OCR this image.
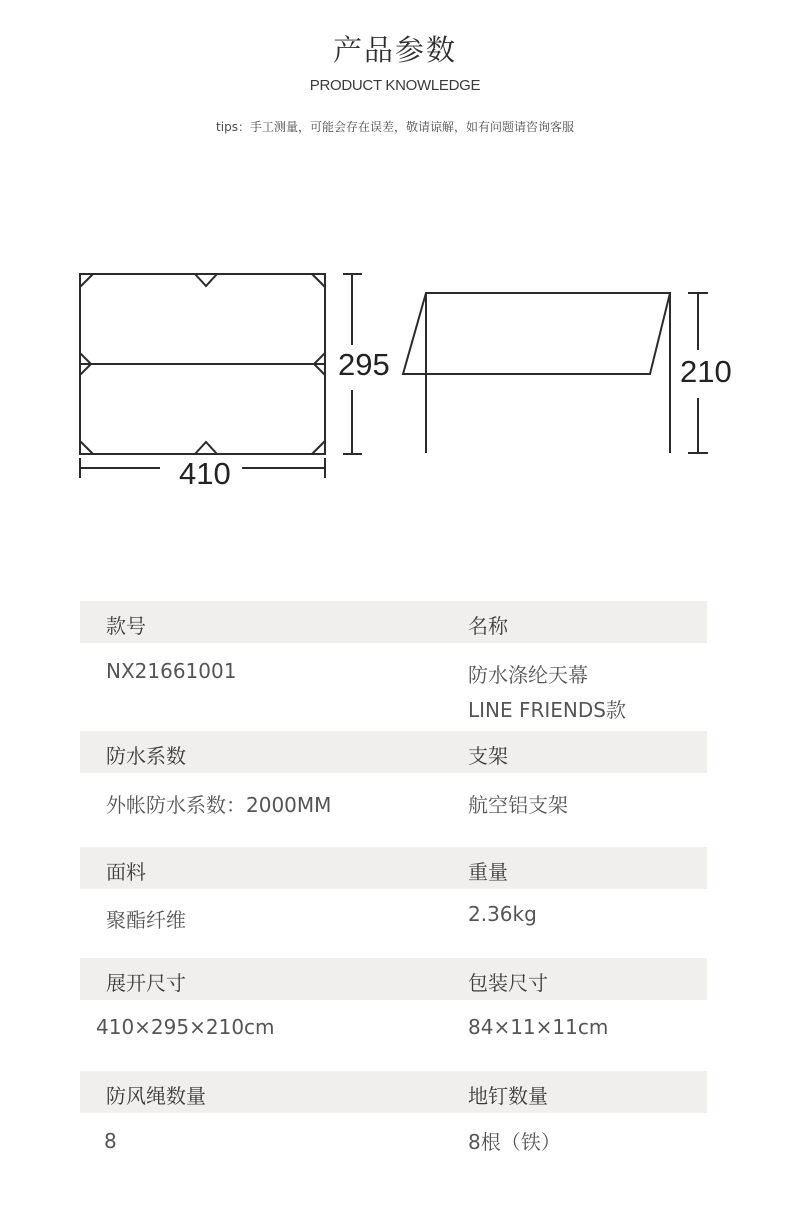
产品参数
PRODUCT KNOWLEDGE
tips：手工测量，可能会存在误差，敬请谅解，如有问题请咨询客服
295
410
210
款号	名称
NX21661001	防水涤纶天幕
LINE FRIENDS款
防水系数	支架
外帐防水系数：2000MM	航空铝支架
面料	重量
聚酯纤维	2.36kg
展开尺寸	包装尺寸
410×295×210cm	84×11×11cm
防风绳数量	地钉数量
8	8根（铁）
